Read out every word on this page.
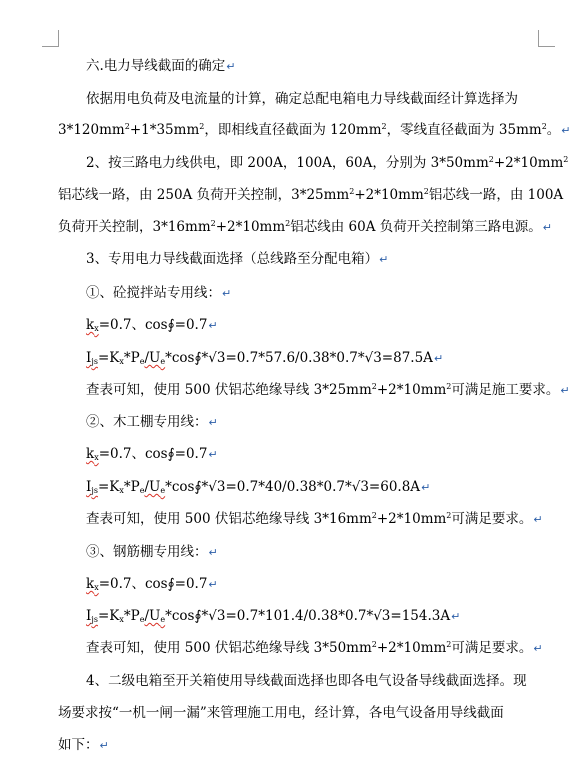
六.电力导线截面的确定↵
依据用电负荷及电流量的计算，确定总配电箱电力导线截面经计算选择为
$3*120mm^2+1*35mm^2$，即相线直径截面为 $120mm^2$，零线直径截面为 $35mm^2$。↵
2、按三路电力线供电，即 200A，100A，60A，分别为 $3*50mm^2+2*10mm^2$
铝芯线一路，由 250A 负荷开关控制，$3*25mm^2+2*10mm^2$铝芯线一路，由 100A
负荷开关控制，$3*16mm^2+2*10mm^2$铝芯线由 60A 负荷开关控制第三路电源。↵
3、专用电力导线截面选择（总线路至分配电箱）↵
①、砼搅拌站专用线：↵
$k_x=0.7$、cos∮=0.7↵
$I_{js}=K_x*P_e/U_e*\cos∮*√3=0.7*57.6/0.38*0.7*√3=87.5A↵$
查表可知，使用 500 伏铝芯绝缘导线 $3*25mm^2+2*10mm^2$可满足施工要求。↵
②、木工棚专用线：↵
$k_x=0.7$、cos∮=0.7↵
$I_{js}=K_x*P_e/U_e*\cos∮*√3=0.7*40/0.38*0.7*√3=60.8A↵$
查表可知，使用 500 伏铝芯绝缘导线 $3*16mm^2+2*10mm^2$可满足要求。↵
③、钢筋棚专用线：↵
$k_x=0.7$、cos∮=0.7↵
$I_{js}=K_x*P_e/U_e*\cos∮*√3=0.7*101.4/0.38*0.7*√3=154.3A↵$
查表可知，使用 500 伏铝芯绝缘导线 $3*50mm^2+2*10mm^2$可满足要求。↵
4、二级电箱至开关箱使用导线截面选择也即各电气设备导线截面选择。现
场要求按“一机一闸一漏”来管理施工用电，经计算，各电气设备用导线截面
如下：↵
